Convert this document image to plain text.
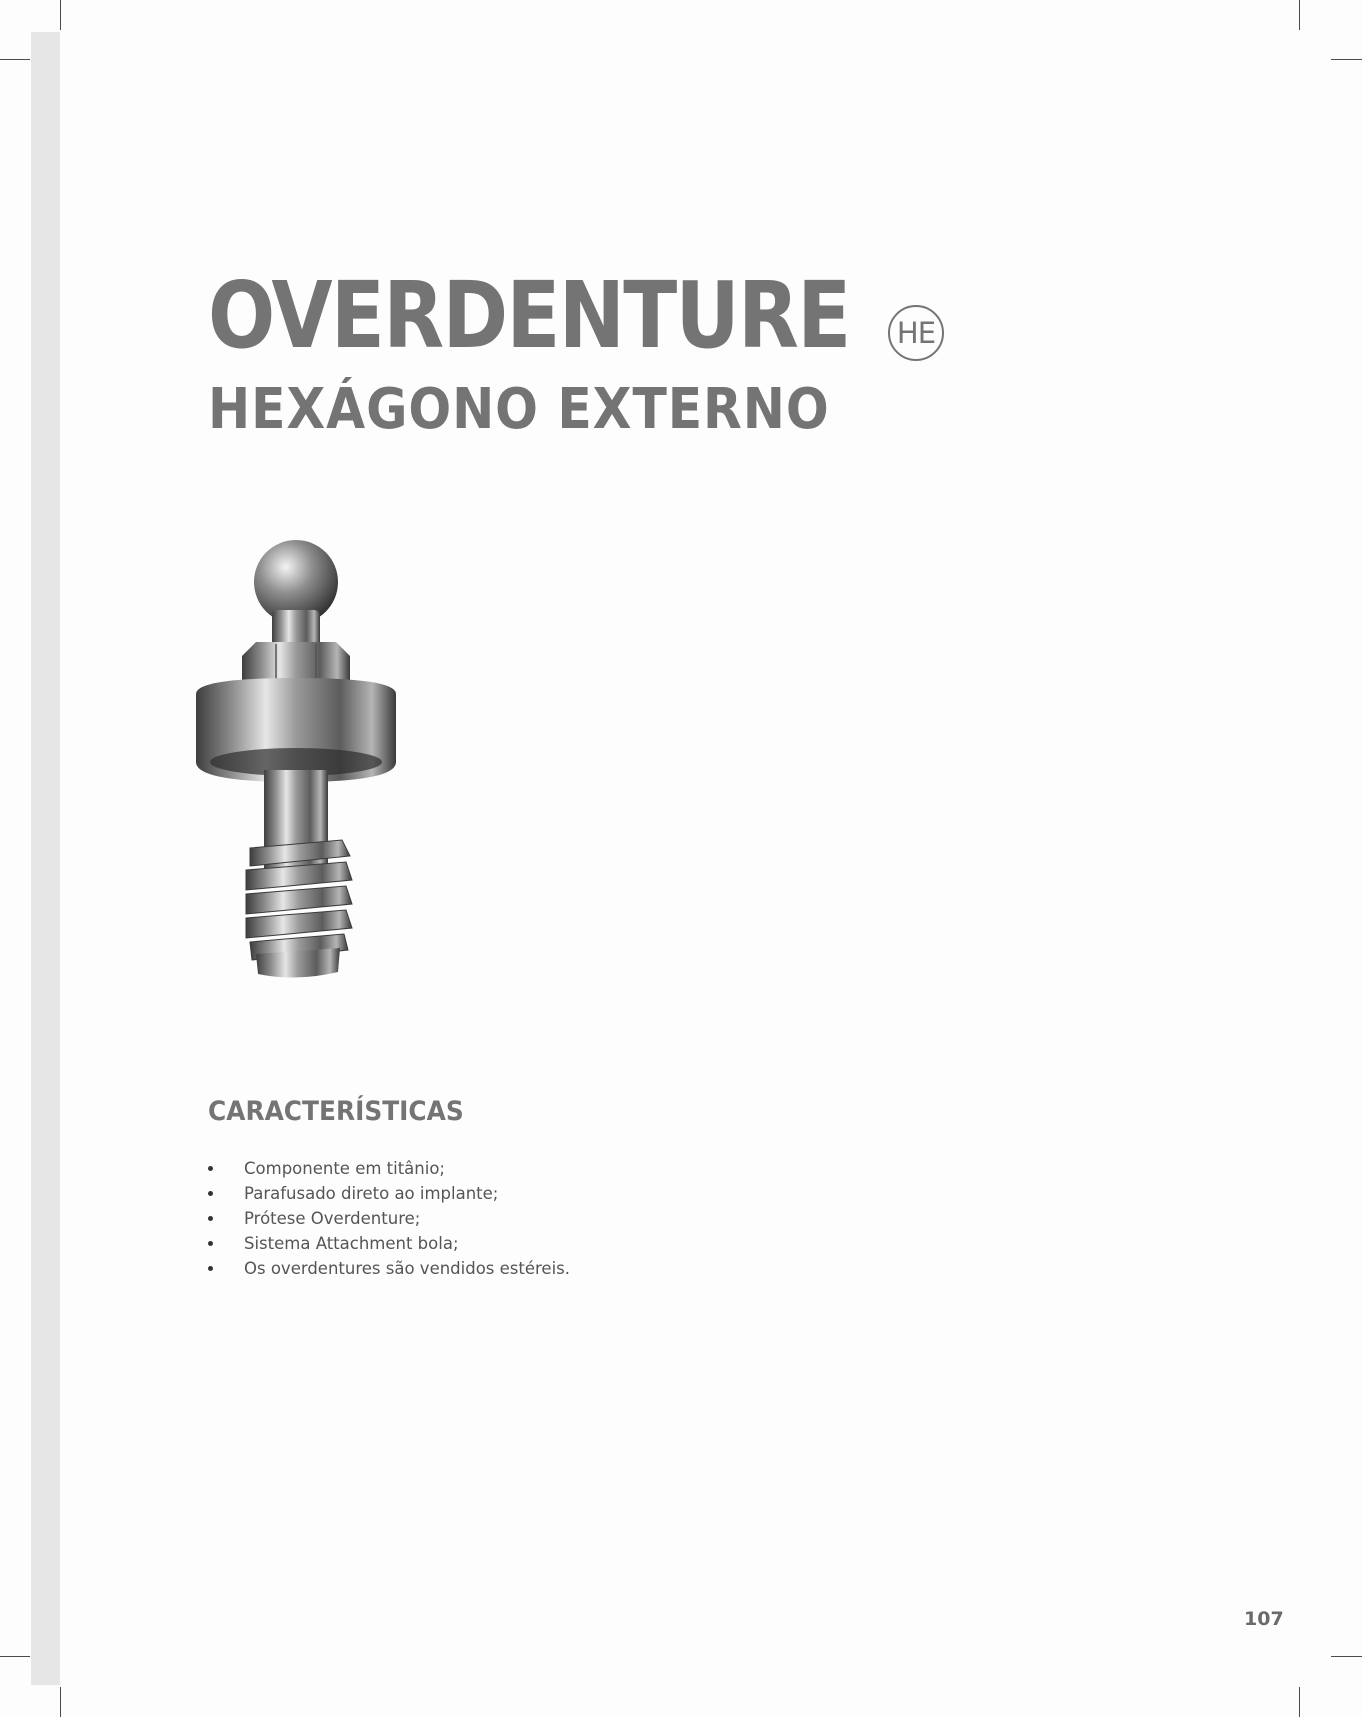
OVERDENTURE	HE
HEXÁGONO EXTERNO
CARACTERÍSTICAS
Componente em titânio;
Parafusado direto ao implante;
Prótese Overdenture;
Sistema Attachment bola;
Os overdentures são vendidos estéreis.

107
